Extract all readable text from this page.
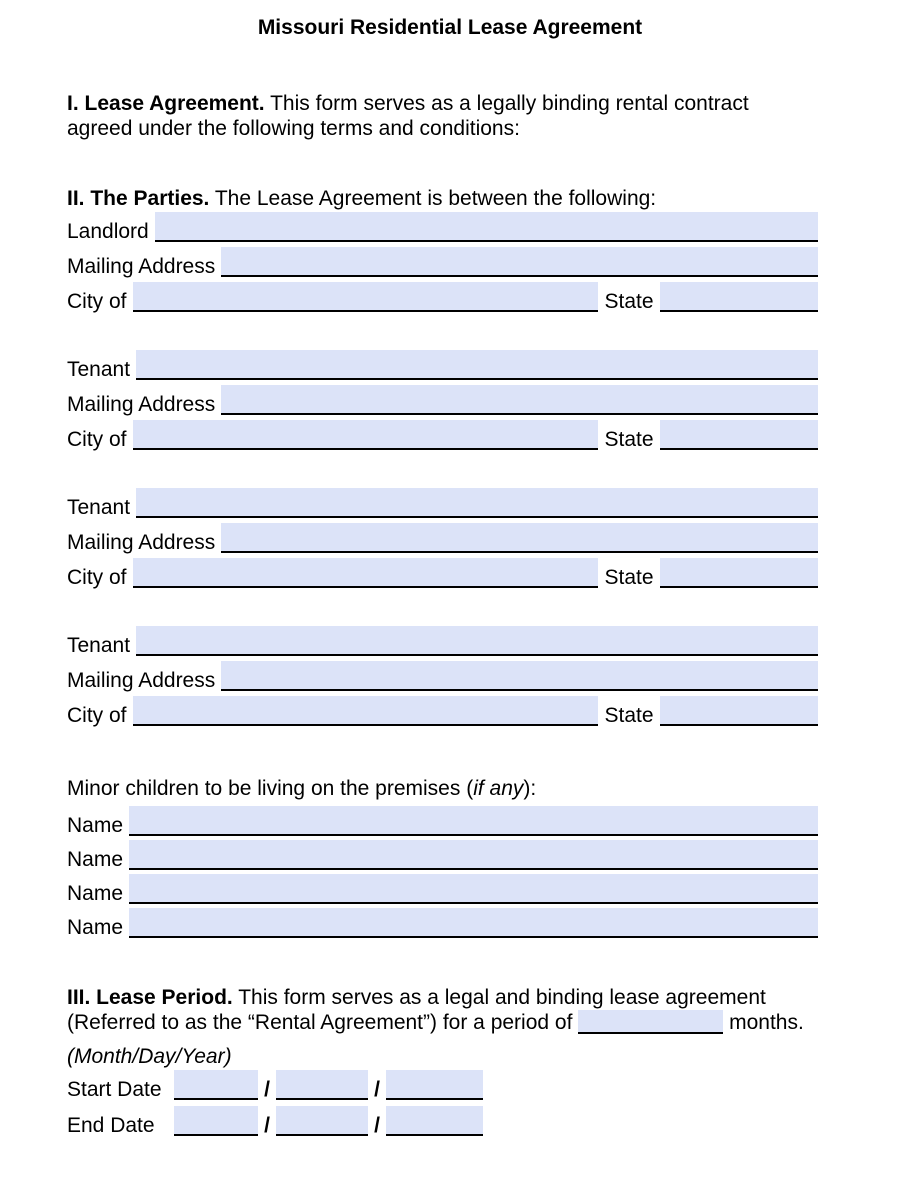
Missouri Residential Lease Agreement
I. Lease Agreement. This form serves as a legally binding rental contract agreed under the following terms and conditions:
II. The Parties. The Lease Agreement is between the following:
Landlord
Mailing Address
City of	State
Tenant
Mailing Address
City of	State
Tenant
Mailing Address
City of	State
Tenant
Mailing Address
City of	State
Minor children to be living on the premises (if any):
Name
Name
Name
Name
III. Lease Period. This form serves as a legal and binding lease agreement (Referred to as the “Rental Agreement”) for a period of	months.
(Month/Day/Year)
Start Date	/	/
End Date	/	/
